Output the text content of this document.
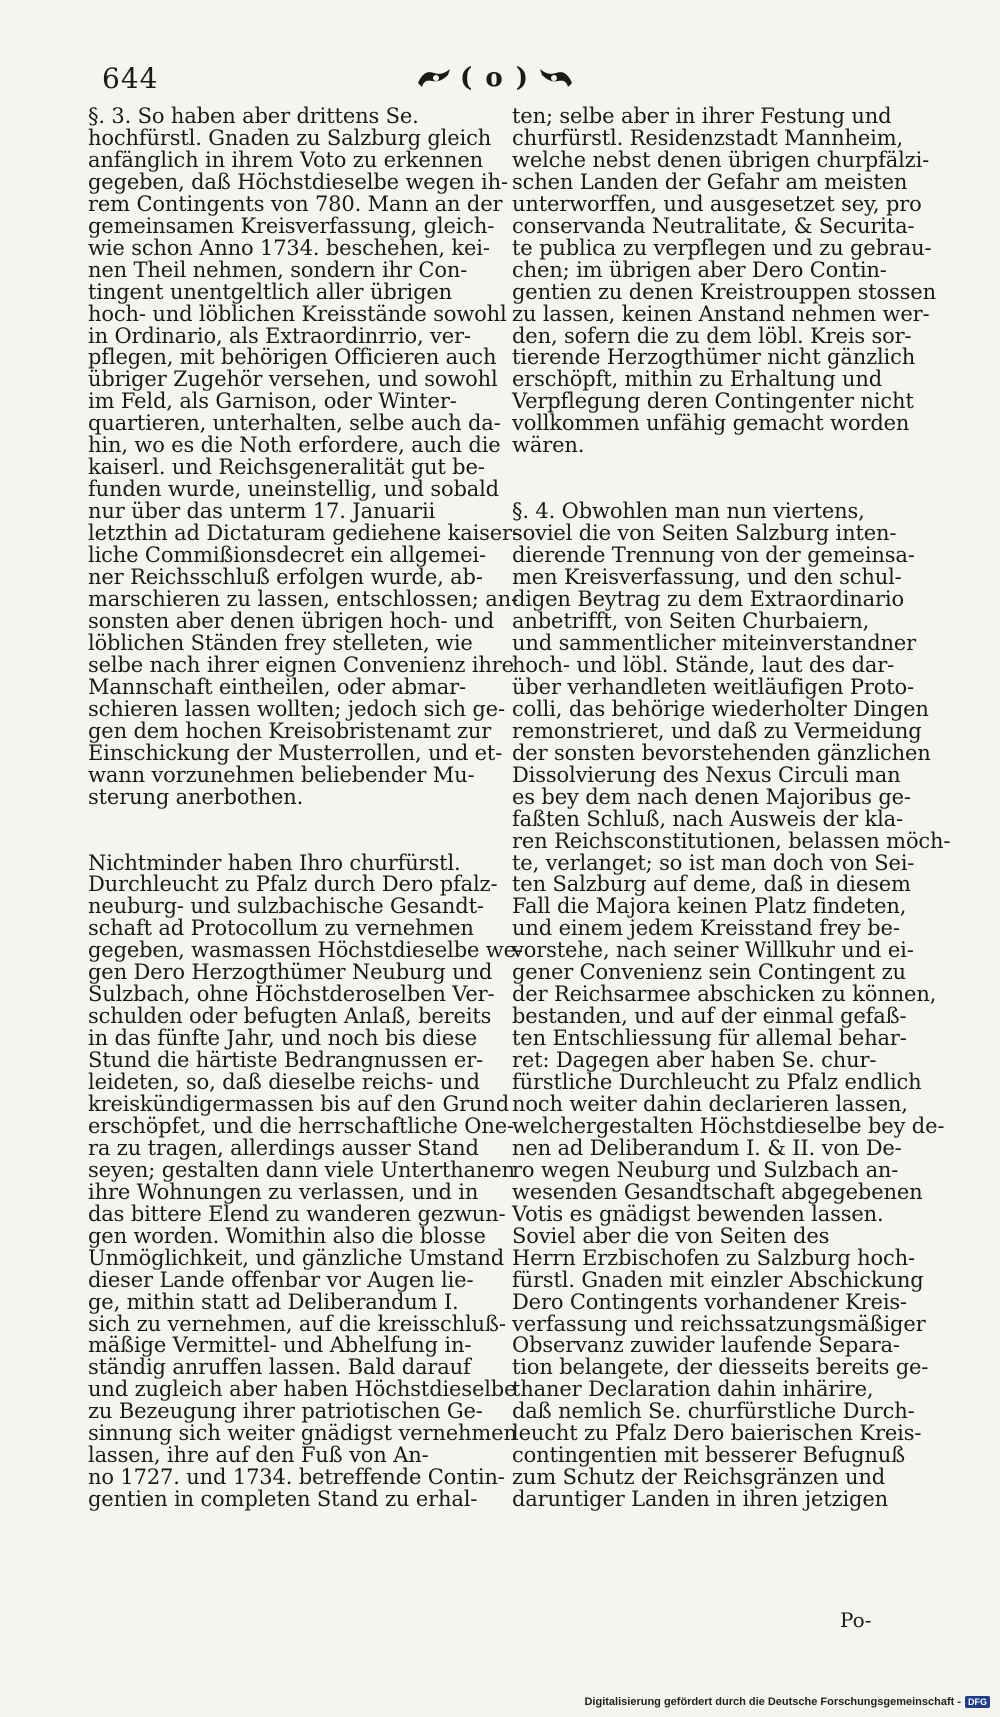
644	( o )
§. 3. So haben aber drittens Se.
hochfürstl. Gnaden zu Salzburg gleich
anfänglich in ihrem Voto zu erkennen
gegeben, daß Höchstdieselbe wegen ih-
rem Contingents von 780. Mann an der
gemeinsamen Kreisverfassung, gleich-
wie schon Anno 1734. beschehen, kei-
nen Theil nehmen, sondern ihr Con-
tingent unentgeltlich aller übrigen
hoch- und löblichen Kreisstände sowohl
in Ordinario, als Extraordinrrio, ver-
pflegen, mit behörigen Officieren auch
übriger Zugehör versehen, und sowohl
im Feld, als Garnison, oder Winter-
quartieren, unterhalten, selbe auch da-
hin, wo es die Noth erfordere, auch die
kaiserl. und Reichsgeneralität gut be-
funden wurde, uneinstellig, und sobald
nur über das unterm 17. Januarii
letzthin ad Dictaturam gediehene kaiser-
liche Commißionsdecret ein allgemei-
ner Reichsschluß erfolgen wurde, ab-
marschieren zu lassen, entschlossen; an-
sonsten aber denen übrigen hoch- und
löblichen Ständen frey stelleten, wie
selbe nach ihrer eignen Convenienz ihre
Mannschaft eintheilen, oder abmar-
schieren lassen wollten; jedoch sich ge-
gen dem hochen Kreisobristenamt zur
Einschickung der Musterrollen, und et-
wann vorzunehmen beliebender Mu-
sterung anerbothen.
Nichtminder haben Ihro churfürstl.
Durchleucht zu Pfalz durch Dero pfalz-
neuburg- und sulzbachische Gesandt-
schaft ad Protocollum zu vernehmen
gegeben, wasmassen Höchstdieselbe we-
gen Dero Herzogthümer Neuburg und
Sulzbach, ohne Höchstderoselben Ver-
schulden oder befugten Anlaß, bereits
in das fünfte Jahr, und noch bis diese
Stund die härtiste Bedrangnussen er-
leideten, so, daß dieselbe reichs- und
kreiskündigermassen bis auf den Grund
erschöpfet, und die herrschaftliche One-
ra zu tragen, allerdings ausser Stand
seyen; gestalten dann viele Unterthanen
ihre Wohnungen zu verlassen, und in
das bittere Elend zu wanderen gezwun-
gen worden. Womithin also die blosse
Unmöglichkeit, und gänzliche Umstand
dieser Lande offenbar vor Augen lie-
ge, mithin statt ad Deliberandum I.
sich zu vernehmen, auf die kreisschluß-
mäßige Vermittel- und Abhelfung in-
ständig anruffen lassen. Bald darauf
und zugleich aber haben Höchstdieselbe
zu Bezeugung ihrer patriotischen Ge-
sinnung sich weiter gnädigst vernehmen
lassen, ihre auf den Fuß von An-
no 1727. und 1734. betreffende Contin-
gentien in completen Stand zu erhal-
ten; selbe aber in ihrer Festung und
churfürstl. Residenzstadt Mannheim,
welche nebst denen übrigen churpfälzi-
schen Landen der Gefahr am meisten
unterworffen, und ausgesetzet sey, pro
conservanda Neutralitate, & Securita-
te publica zu verpflegen und zu gebrau-
chen; im übrigen aber Dero Contin-
gentien zu denen Kreistrouppen stossen
zu lassen, keinen Anstand nehmen wer-
den, sofern die zu dem löbl. Kreis sor-
tierende Herzogthümer nicht gänzlich
erschöpft, mithin zu Erhaltung und
Verpflegung deren Contingenter nicht
vollkommen unfähig gemacht worden
wären.
§. 4. Obwohlen man nun viertens,
soviel die von Seiten Salzburg inten-
dierende Trennung von der gemeinsa-
men Kreisverfassung, und den schul-
digen Beytrag zu dem Extraordinario
anbetrifft, von Seiten Churbaiern,
und sammentlicher miteinverstandner
hoch- und löbl. Stände, laut des dar-
über verhandleten weitläufigen Proto-
colli, das behörige wiederholter Dingen
remonstrieret, und daß zu Vermeidung
der sonsten bevorstehenden gänzlichen
Dissolvierung des Nexus Circuli man
es bey dem nach denen Majoribus ge-
faßten Schluß, nach Ausweis der kla-
ren Reichsconstitutionen, belassen möch-
te, verlanget; so ist man doch von Sei-
ten Salzburg auf deme, daß in diesem
Fall die Majora keinen Platz findeten,
und einem jedem Kreisstand frey be-
vorstehe, nach seiner Willkuhr und ei-
gener Convenienz sein Contingent zu
der Reichsarmee abschicken zu können,
bestanden, und auf der einmal gefaß-
ten Entschliessung für allemal behar-
ret: Dagegen aber haben Se. chur-
fürstliche Durchleucht zu Pfalz endlich
noch weiter dahin declarieren lassen,
welchergestalten Höchstdieselbe bey de-
nen ad Deliberandum I. & II. von De-
ro wegen Neuburg und Sulzbach an-
wesenden Gesandtschaft abgegebenen
Votis es gnädigst bewenden lassen.
Soviel aber die von Seiten des
Herrn Erzbischofen zu Salzburg hoch-
fürstl. Gnaden mit einzler Abschickung
Dero Contingents vorhandener Kreis-
verfassung und reichssatzungsmäßiger
Observanz zuwider laufende Separa-
tion belangete, der diesseits bereits ge-
thaner Declaration dahin inhärire,
daß nemlich Se. churfürstliche Durch-
leucht zu Pfalz Dero baierischen Kreis-
contingentien mit besserer Befugnuß
zum Schutz der Reichsgränzen und
daruntiger Landen in ihren jetzigen
Po-
Digitalisierung gefördert durch die Deutsche Forschungsgemeinschaft - DFG
